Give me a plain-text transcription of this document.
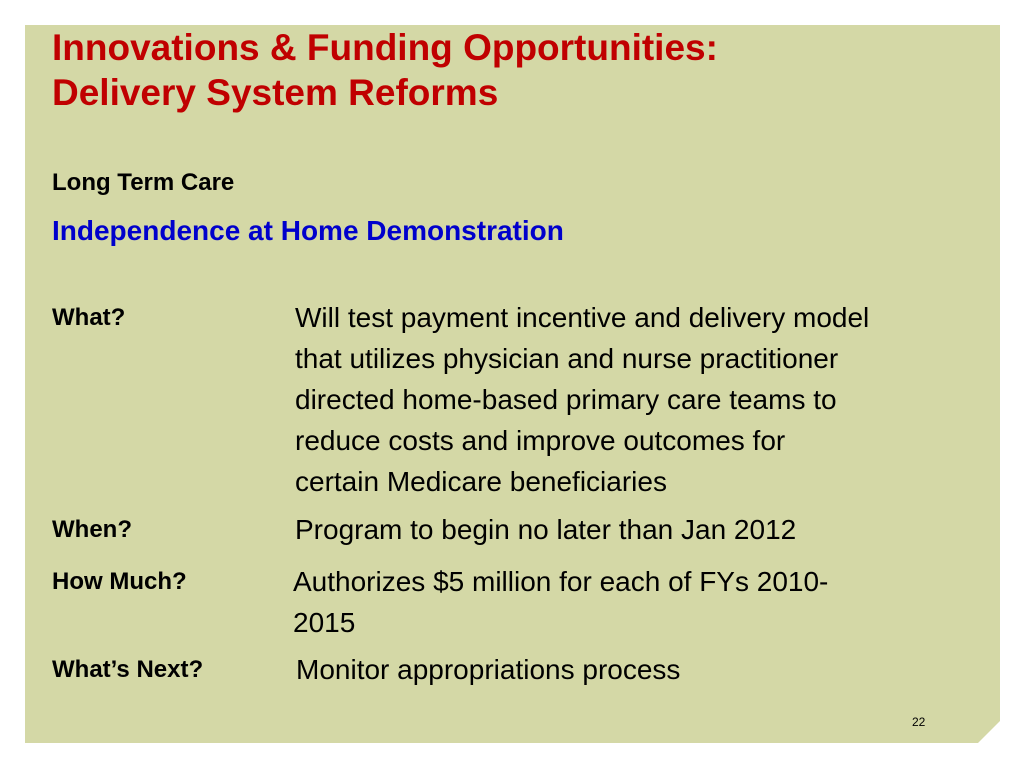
Innovations & Funding Opportunities:
Delivery System Reforms

Long Term Care

Independence at Home Demonstration

What?	Will test payment incentive and delivery model
that utilizes physician and nurse practitioner
directed home-based primary care teams to
reduce costs and improve outcomes for
certain Medicare beneficiaries
When?	Program to begin no later than Jan 2012
How Much?	Authorizes $5 million for each of FYs 2010-
2015
What’s Next?	Monitor appropriations process
22
